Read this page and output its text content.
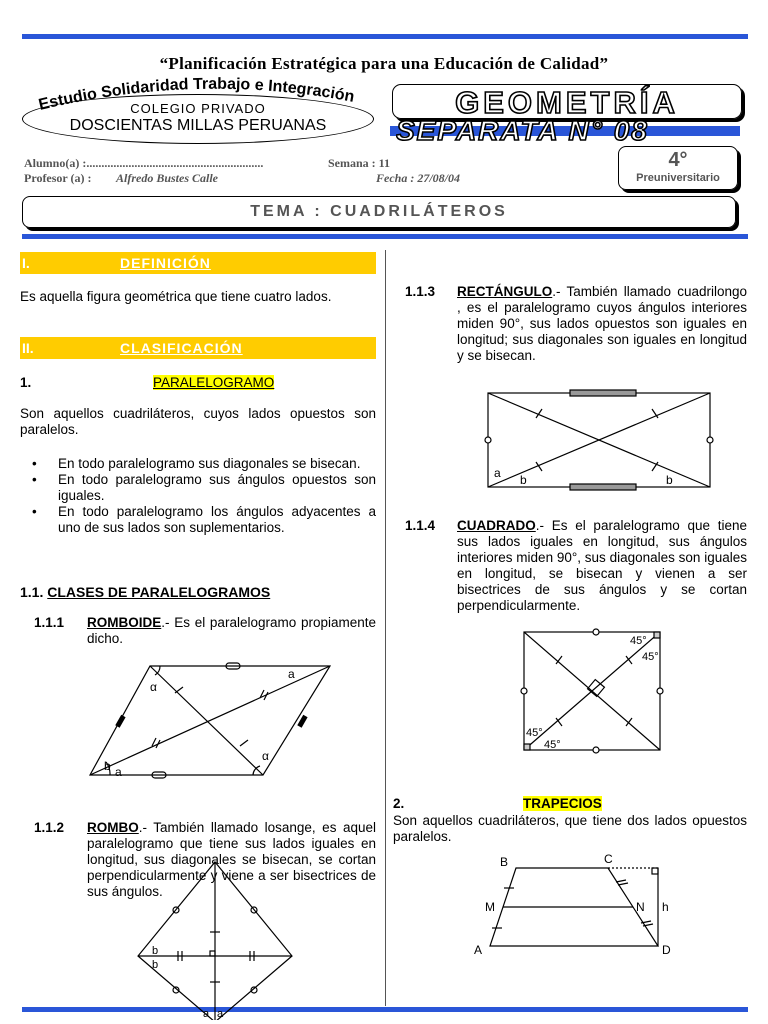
“Planificación Estratégica para una Educación de Calidad”
Estudio Solidaridad Trabajo e Integración
COLEGIO PRIVADO
DOSCIENTAS MILLAS PERUANAS
GEOMETRÍA
SEPARATA N° 08
Alumno(a) :...........................................................	Semana : 11
Profesor (a) : Alfredo Bustes Calle	Fecha : 27/08/04
4°
Preuniversitario
TEMA : CUADRILÁTEROS
I.	DEFINICIÓN
Es aquella figura geométrica que tiene cuatro lados.
II.	CLASIFICACIÓN
1.	PARALELOGRAMO
Son aquellos cuadriláteros, cuyos lados opuestos son paralelos.
• En todo paralelogramo sus diagonales se bisecan.
• En todo paralelogramo sus ángulos opuestos son iguales.
• En todo paralelogramo los ángulos adyacentes a uno de sus lados son suplementarios.
1.1. CLASES DE PARALELOGRAMOS
1.1.1 ROMBOIDE.- Es el paralelogramo propiamente dicho.
a
b a
α
α
1.1.2 ROMBO.- También llamado losange, es aquel paralelogramo que tiene sus lados iguales en longitud, sus diagonales se bisecan, se cortan perpendicularmente y viene a ser bisectrices de sus ángulos.
b
b
a a
1.1.3 RECTÁNGULO.- También llamado cuadrilongo , es el paralelogramo cuyos ángulos interiores miden 90°, sus lados opuestos son iguales en longitud; sus diagonales son iguales en longitud y se bisecan.
a b	b
1.1.4 CUADRADO.- Es el paralelogramo que tiene sus lados iguales en longitud, sus ángulos interiores miden 90°, sus diagonales son iguales en longitud, se bisecan y vienen a ser bisectrices de sus ángulos y se cortan perpendicularmente.
45°
45°
45°
45°
2.	TRAPECIOS
Son aquellos cuadriláteros, que tiene dos lados opuestos paralelos.
B	C
M	N h
A	D
